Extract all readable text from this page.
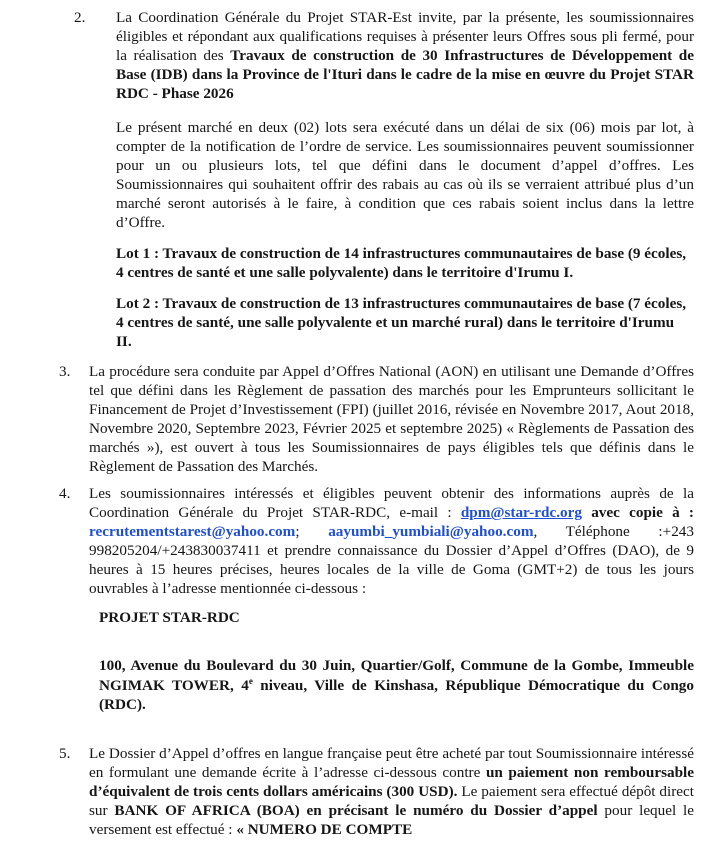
2. La Coordination Générale du Projet STAR-Est invite, par la présente, les soumissionnaires éligibles et répondant aux qualifications requises à présenter leurs Offres sous pli fermé, pour la réalisation des Travaux de construction de 30 Infrastructures de Développement de Base (IDB) dans la Province de l'Ituri dans le cadre de la mise en œuvre du Projet STAR RDC - Phase 2026

Le présent marché en deux (02) lots sera exécuté dans un délai de six (06) mois par lot, à compter de la notification de l’ordre de service. Les soumissionnaires peuvent soumissionner pour un ou plusieurs lots, tel que défini dans le document d’appel d’offres. Les Soumissionnaires qui souhaitent offrir des rabais au cas où ils se verraient attribué plus d’un marché seront autorisés à le faire, à condition que ces rabais soient inclus dans la lettre d’Offre.

Lot 1 : Travaux de construction de 14 infrastructures communautaires de base (9 écoles, 4 centres de santé et une salle polyvalente) dans le territoire d'Irumu I.

Lot 2 : Travaux de construction de 13 infrastructures communautaires de base (7 écoles, 4 centres de santé, une salle polyvalente et un marché rural) dans le territoire d'Irumu II.

3. La procédure sera conduite par Appel d’Offres National (AON) en utilisant une Demande d’Offres tel que défini dans les Règlement de passation des marchés pour les Emprunteurs sollicitant le Financement de Projet d’Investissement (FPI) (juillet 2016, révisée en Novembre 2017, Aout 2018, Novembre 2020, Septembre 2023, Février 2025 et septembre 2025) « Règlements de Passation des marchés »), est ouvert à tous les Soumissionnaires de pays éligibles tels que définis dans le Règlement de Passation des Marchés.

4. Les soumissionnaires intéressés et éligibles peuvent obtenir des informations auprès de la Coordination Générale du Projet STAR-RDC, e-mail : dpm@star-rdc.org avec copie à : recrutementstarest@yahoo.com; aayumbi_yumbiali@yahoo.com, Téléphone :+243 998205204/+243830037411 et prendre connaissance du Dossier d’Appel d’Offres (DAO), de 9 heures à 15 heures précises, heures locales de la ville de Goma (GMT+2) de tous les jours ouvrables à l’adresse mentionnée ci-dessous :

PROJET STAR-RDC

100, Avenue du Boulevard du 30 Juin, Quartier/Golf, Commune de la Gombe, Immeuble NGIMAK TOWER, 4e niveau, Ville de Kinshasa, République Démocratique du Congo (RDC).

5. Le Dossier d’Appel d’offres en langue française peut être acheté par tout Soumissionnaire intéressé en formulant une demande écrite à l’adresse ci-dessous contre un paiement non remboursable d’équivalent de trois cents dollars américains (300 USD). Le paiement sera effectué dépôt direct sur BANK OF AFRICA (BOA) en précisant le numéro du Dossier d’appel pour lequel le versement est effectué : « NUMERO DE COMPTE
